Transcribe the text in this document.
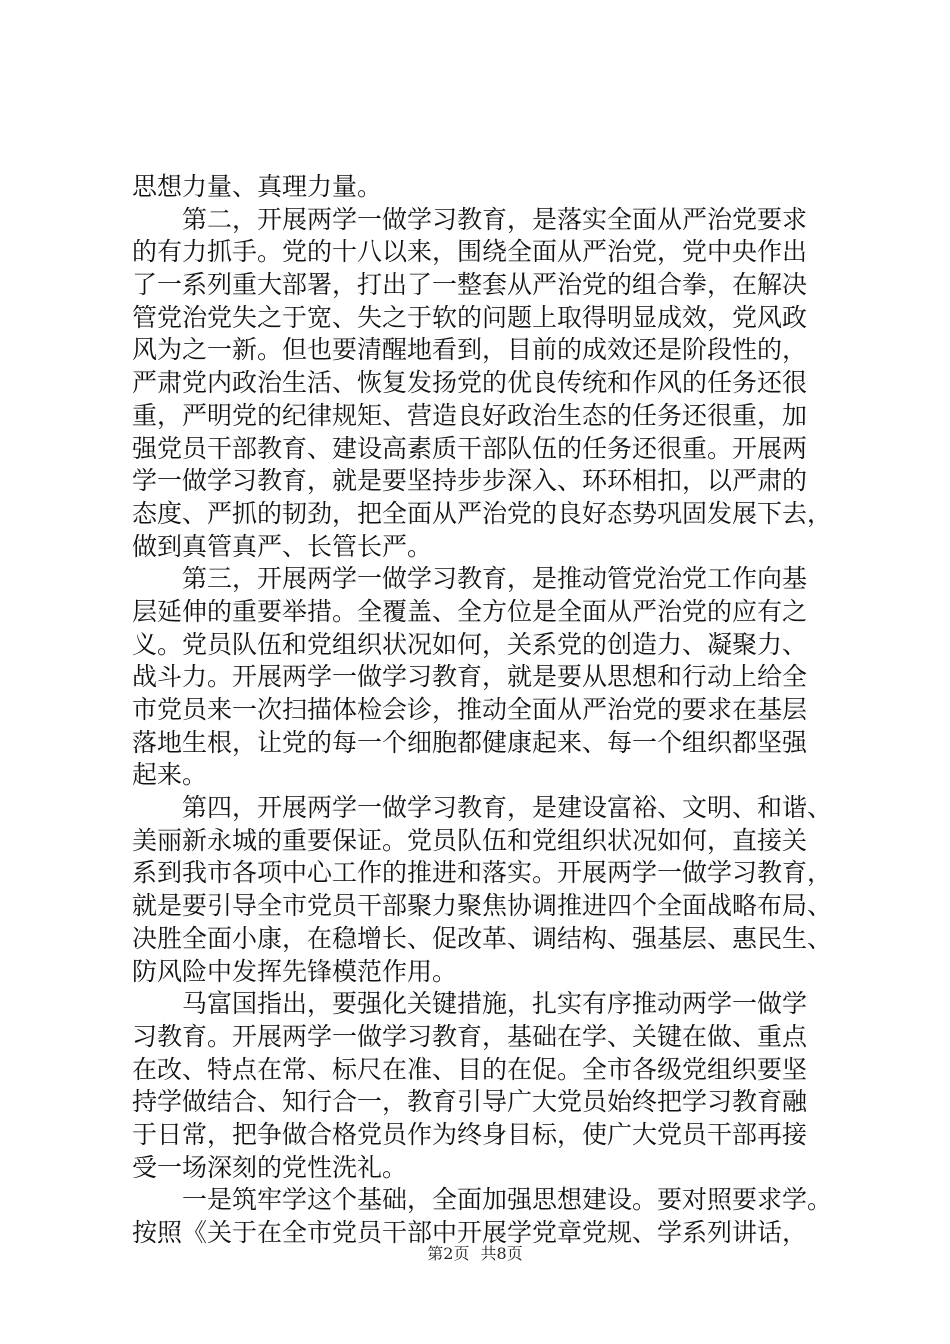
思想力量、真理力量。
　　第二，开展两学一做学习教育，是落实全面从严治党要求
的有力抓手。党的十八以来，围绕全面从严治党，党中央作出
了一系列重大部署，打出了一整套从严治党的组合拳，在解决
管党治党失之于宽、失之于软的问题上取得明显成效，党风政
风为之一新。但也要清醒地看到，目前的成效还是阶段性的，
严肃党内政治生活、恢复发扬党的优良传统和作风的任务还很
重，严明党的纪律规矩、营造良好政治生态的任务还很重，加
强党员干部教育、建设高素质干部队伍的任务还很重。开展两
学一做学习教育，就是要坚持步步深入、环环相扣，以严肃的
态度、严抓的韧劲，把全面从严治党的良好态势巩固发展下去，
做到真管真严、长管长严。
　　第三，开展两学一做学习教育，是推动管党治党工作向基
层延伸的重要举措。全覆盖、全方位是全面从严治党的应有之
义。党员队伍和党组织状况如何，关系党的创造力、凝聚力、
战斗力。开展两学一做学习教育，就是要从思想和行动上给全
市党员来一次扫描体检会诊，推动全面从严治党的要求在基层
落地生根，让党的每一个细胞都健康起来、每一个组织都坚强
起来。
　　第四，开展两学一做学习教育，是建设富裕、文明、和谐、
美丽新永城的重要保证。党员队伍和党组织状况如何，直接关
系到我市各项中心工作的推进和落实。开展两学一做学习教育，
就是要引导全市党员干部聚力聚焦协调推进四个全面战略布局、
决胜全面小康，在稳增长、促改革、调结构、强基层、惠民生、
防风险中发挥先锋模范作用。
　　马富国指出，要强化关键措施，扎实有序推动两学一做学
习教育。开展两学一做学习教育，基础在学、关键在做、重点
在改、特点在常、标尺在准、目的在促。全市各级党组织要坚
持学做结合、知行合一，教育引导广大党员始终把学习教育融
于日常，把争做合格党员作为终身目标，使广大党员干部再接
受一场深刻的党性洗礼。
　　一是筑牢学这个基础，全面加强思想建设。要对照要求学。
按照《关于在全市党员干部中开展学党章党规、学系列讲话，
第2页 共8页
